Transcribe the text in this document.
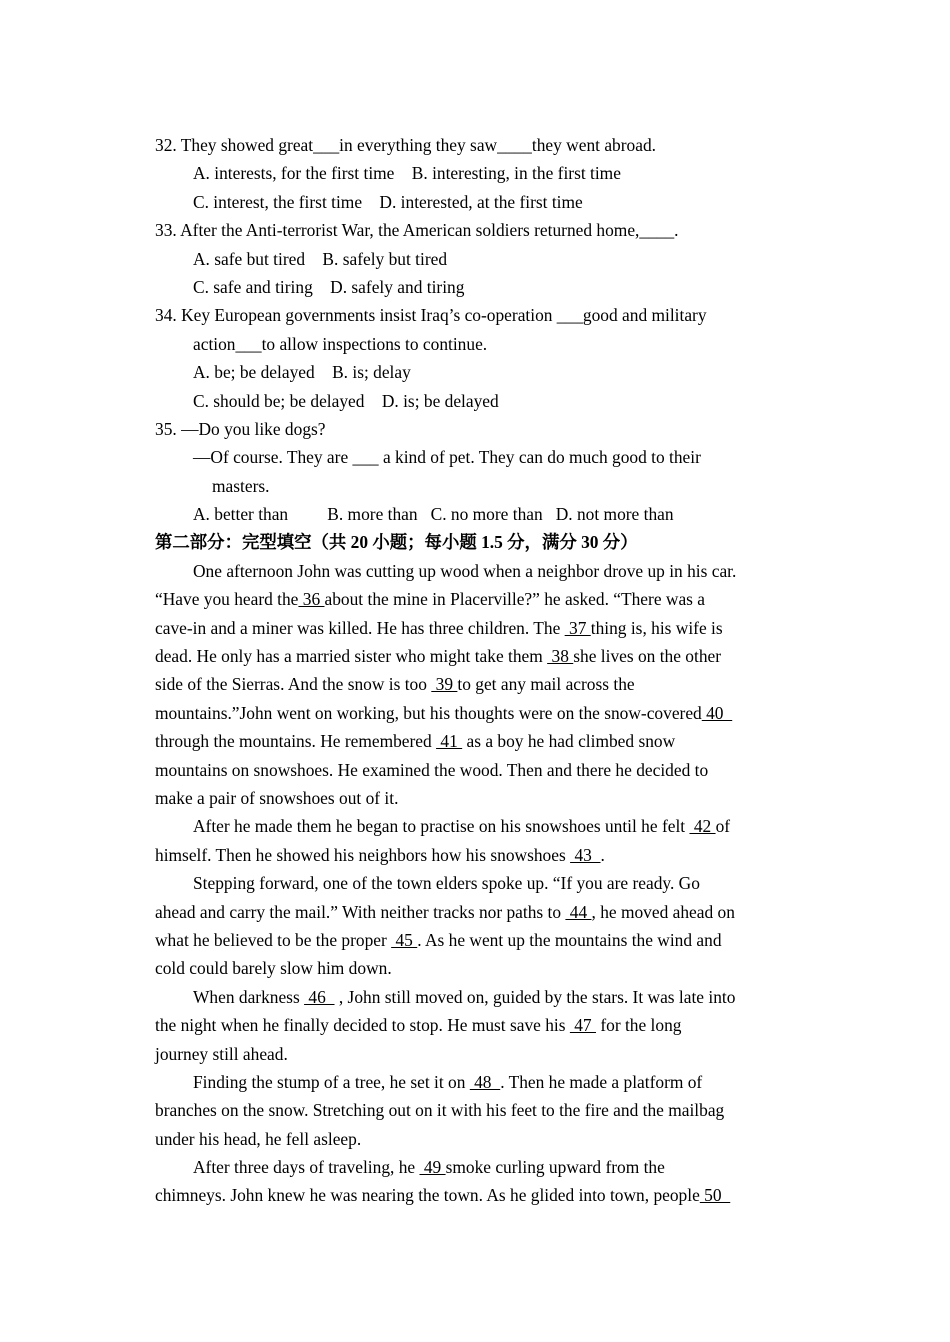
32. They showed great___in everything they saw____they went abroad.
A. interests, for the first time    B. interesting, in the first time
C. interest, the first time    D. interested, at the first time
33. After the Anti-terrorist War, the American soldiers returned home,____.
A. safe but tired    B. safely but tired
C. safe and tiring    D. safely and tiring
34. Key European governments insist Iraq’s co-operation ___good and military
action___to allow inspections to continue.
A. be; be delayed    B. is; delay
C. should be; be delayed    D. is; be delayed
35. —Do you like dogs?
—Of course. They are ___ a kind of pet. They can do much good to their
masters.
A. better than         B. more than   C. no more than   D. not more than
第二部分：完型填空（共 20 小题；每小题 1.5 分，满分 30 分）
One afternoon John was cutting up wood when a neighbor drove up in his car.
“Have you heard the 36 about the mine in Placerville?” he asked. “There was a
cave-in and a miner was killed. He has three children. The  37 thing is, his wife is
dead. He only has a married sister who might take them  38 she lives on the other
side of the Sierras. And the snow is too  39 to get any mail across the
mountains.”John went on working, but his thoughts were on the snow-covered 40
through the mountains. He remembered  41  as a boy he had climbed snow
mountains on snowshoes. He examined the wood. Then and there he decided to
make a pair of snowshoes out of it.
After he made them he began to practise on his snowshoes until he felt  42 of
himself. Then he showed his neighbors how his snowshoes  43  .
Stepping forward, one of the town elders spoke up. “If you are ready. Go
ahead and carry the mail.” With neither tracks nor paths to  44 , he moved ahead on
what he believed to be the proper  45 . As he went up the mountains the wind and
cold could barely slow him down.
When darkness  46   , John still moved on, guided by the stars. It was late into
the night when he finally decided to stop. He must save his  47  for the long
journey still ahead.
Finding the stump of a tree, he set it on  48  . Then he made a platform of
branches on the snow. Stretching out on it with his feet to the fire and the mailbag
under his head, he fell asleep.
After three days of traveling, he  49 smoke curling upward from the
chimneys. John knew he was nearing the town. As he glided into town, people 50
